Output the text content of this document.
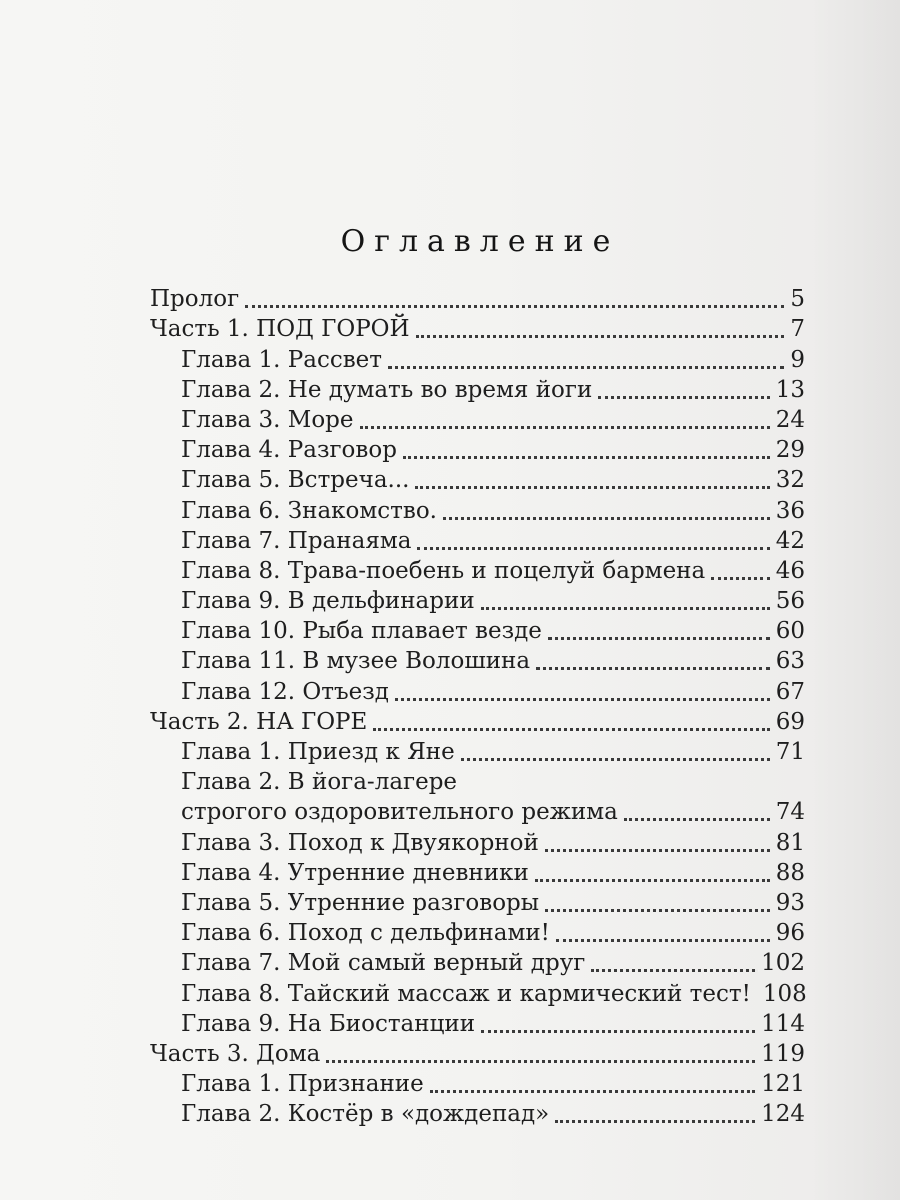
Оглавление
Пролог	5
Часть 1. ПОД ГОРОЙ	7
Глава 1. Рассвет	9
Глава 2. Не думать во время йоги	13
Глава 3. Море	24
Глава 4. Разговор	29
Глава 5. Встреча...	32
Глава 6. Знакомство.	36
Глава 7. Пранаяма	42
Глава 8. Трава-поебень и поцелуй бармена	46
Глава 9. В дельфинарии	56
Глава 10. Рыба плавает везде	60
Глава 11. В музее Волошина	63
Глава 12. Отъезд	67
Часть 2. НА ГОРЕ	69
Глава 1. Приезд к Яне	71
Глава 2. В йога-лагере
строгого оздоровительного режима	74
Глава 3. Поход к Двуякорной	81
Глава 4. Утренние дневники	88
Глава 5. Утренние разговоры	93
Глава 6. Поход с дельфинами!	96
Глава 7. Мой самый верный друг	102
Глава 8. Тайский массаж и кармический тест! 108
Глава 9. На Биостанции	114
Часть 3. Дома	119
Глава 1. Признание	121
Глава 2. Костёр в «дождепад»	124
